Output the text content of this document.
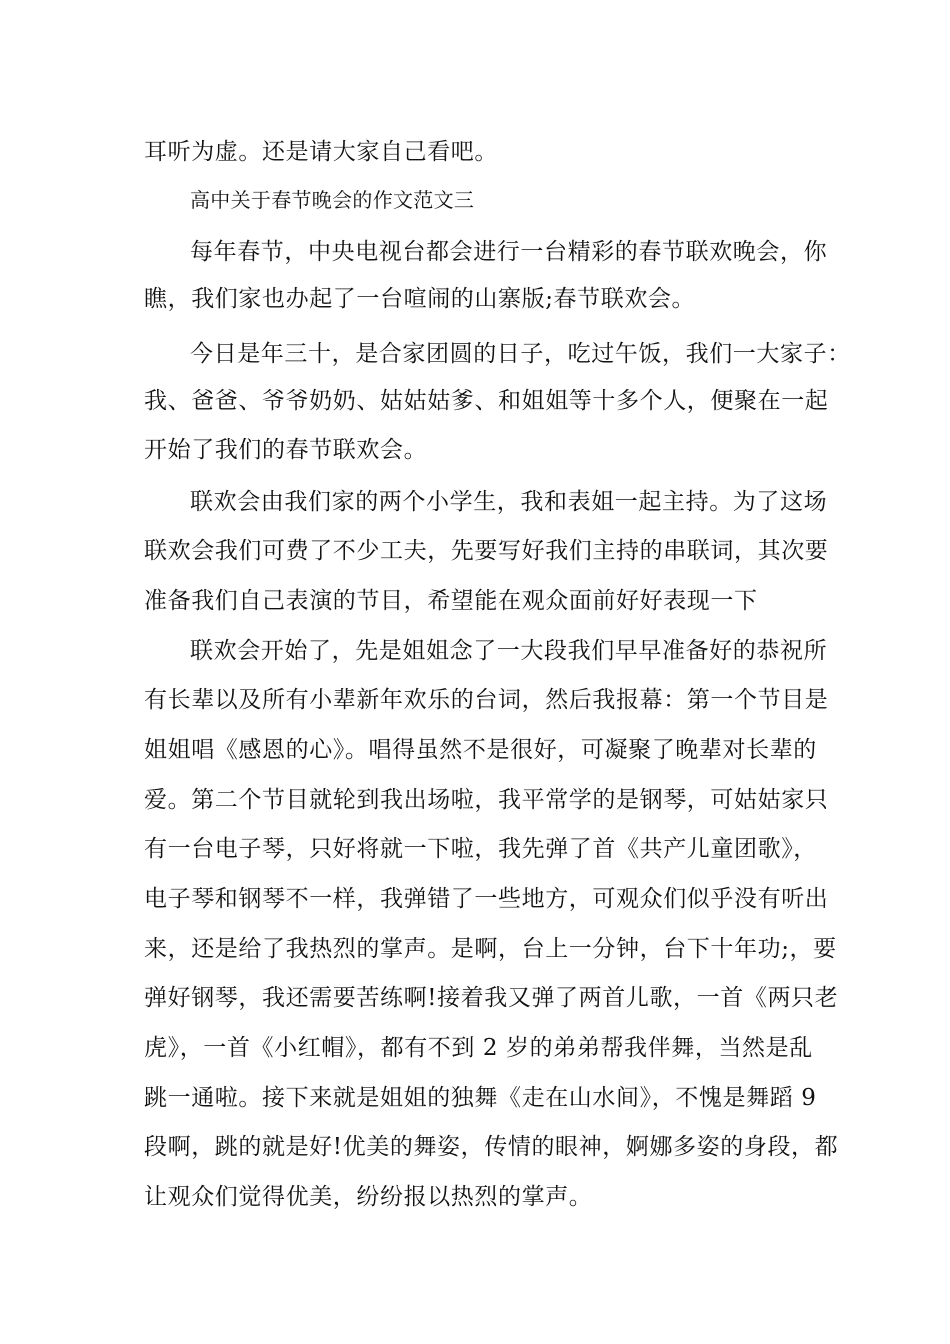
耳听为虚。还是请大家自己看吧。
高中关于春节晚会的作文范文三
每年春节，中央电视台都会进行一台精彩的春节联欢晚会，你
瞧，我们家也办起了一台喧闹的山寨版;春节联欢会。
今日是年三十，是合家团圆的日子，吃过午饭，我们一大家子：
我、爸爸、爷爷奶奶、姑姑姑爹、和姐姐等十多个人，便聚在一起
开始了我们的春节联欢会。
联欢会由我们家的两个小学生，我和表姐一起主持。为了这场
联欢会我们可费了不少工夫，先要写好我们主持的串联词，其次要
准备我们自己表演的节目，希望能在观众面前好好表现一下
联欢会开始了，先是姐姐念了一大段我们早早准备好的恭祝所
有长辈以及所有小辈新年欢乐的台词，然后我报幕：第一个节目是
姐姐唱《感恩的心》。唱得虽然不是很好，可凝聚了晚辈对长辈的
爱。第二个节目就轮到我出场啦，我平常学的是钢琴，可姑姑家只
有一台电子琴，只好将就一下啦，我先弹了首《共产儿童团歌》，
电子琴和钢琴不一样，我弹错了一些地方，可观众们似乎没有听出
来，还是给了我热烈的掌声。是啊，台上一分钟，台下十年功;，要
弹好钢琴，我还需要苦练啊!接着我又弹了两首儿歌，一首《两只老
虎》，一首《小红帽》，都有不到 2 岁的弟弟帮我伴舞，当然是乱
跳一通啦。接下来就是姐姐的独舞《走在山水间》，不愧是舞蹈 9
段啊，跳的就是好!优美的舞姿，传情的眼神，婀娜多姿的身段，都
让观众们觉得优美，纷纷报以热烈的掌声。
